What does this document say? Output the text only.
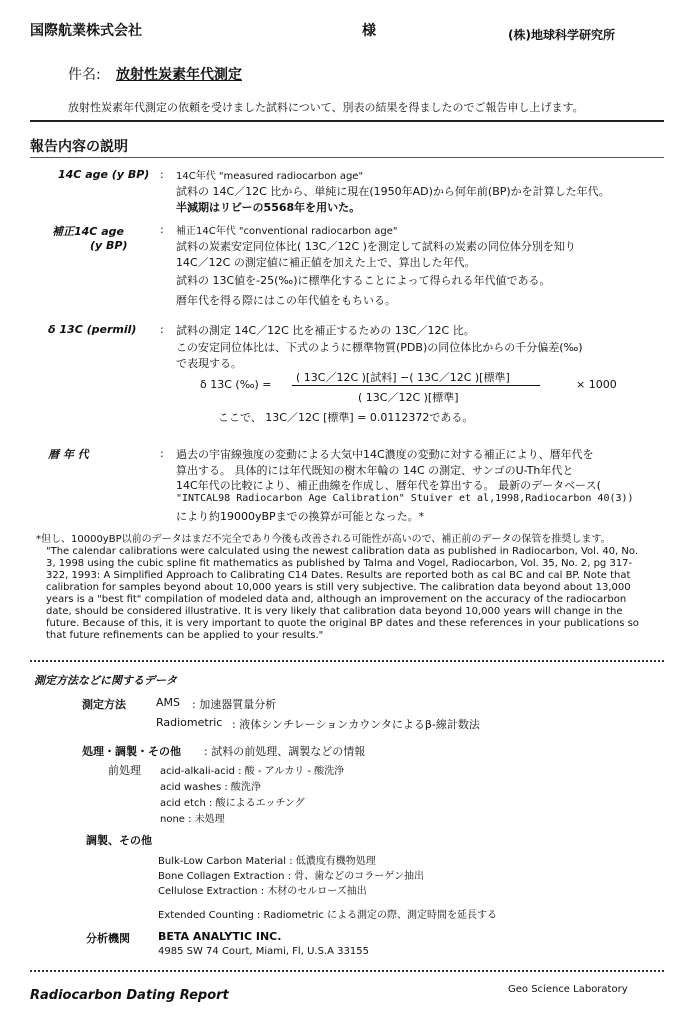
国際航業株式会社	様	(株)地球科学研究所
件名: 放射性炭素年代測定
放射性炭素年代測定の依頼を受けました試料について、別表の結果を得ましたのでご報告申し上げます。
報告内容の説明
14C age (y BP) : 14C年代 "measured radiocarbon age"
試料の 14C／12C 比から、単純に現在(1950年AD)から何年前(BP)かを計算した年代。
半減期はリビーの5568年を用いた。
補正14C age
(y BP)
: 補正14C年代 "conventional radiocarbon age"
試料の炭素安定同位体比( 13C／12C )を測定して試料の炭素の同位体分別を知り
14C／12C の測定値に補正値を加えた上で、算出した年代。
試料の 13C値を-25(‰)に標準化することによって得られる年代値である。
暦年代を得る際にはこの年代値をもちいる。
δ 13C (permil) : 試料の測定 14C／12C 比を補正するための 13C／12C 比。
この安定同位体比は、下式のように標準物質(PDB)の同位体比からの千分偏差(‰)
で表現する。
δ 13C (‰) =
( 13C／12C )[試料] −( 13C／12C )[標準]
( 13C／12C )[標準]
× 1000
ここで、 13C／12C [標準] = 0.0112372である。
暦 年 代	: 過去の宇宙線強度の変動による大気中14C濃度の変動に対する補正により、暦年代を
算出する。 具体的には年代既知の樹木年輪の 14C の測定、サンゴのU-Th年代と
14C年代の比較により、補正曲線を作成し、暦年代を算出する。 最新のデータベース(
"INTCAL98 Radiocarbon Age Calibration" Stuiver et al,1998,Radiocarbon 40(3))
により約19000yBPまでの換算が可能となった。*
*但し、10000yBP以前のデータはまだ不完全であり今後も改善される可能性が高いので、補正前のデータの保管を推奨します。
"The calendar calibrations were calculated using the newest calibration data as published in Radiocarbon, Vol. 40, No. 3, 1998 using the cubic spline fit mathematics as published by Talma and Vogel, Radiocarbon, Vol. 35, No. 2, pg 317-322, 1993: A Simplified Approach to Calibrating C14 Dates. Results are reported both as cal BC and cal BP. Note that calibration for samples beyond about 10,000 years is still very subjective. The calibration data beyond about 13,000 years is a "best fit" compilation of modeled data and, although an improvement on the accuracy of the radiocarbon date, should be considered illustrative. It is very likely that calibration data beyond 10,000 years will change in the future. Because of this, it is very important to quote the original BP dates and these references in your publications so that future refinements can be applied to your results."
測定方法などに関するデータ
測定方法	AMS : 加速器質量分析
Radiometric : 液体シンチレーションカウンタによるβ-線計数法
処理・調製・その他 : 試料の前処理、調製などの情報
前処理 acid-alkali-acid : 酸 - アルカリ - 酸洗浄
acid washes : 酸洗浄
acid etch : 酸によるエッチング
none : 未処理
調製、その他
Bulk-Low Carbon Material : 低濃度有機物処理
Bone Collagen Extraction : 骨、歯などのコラーゲン抽出
Cellulose Extraction : 木材のセルローズ抽出
Extended Counting : Radiometric による測定の際、測定時間を延長する
分析機関	BETA ANALYTIC INC.
4985 SW 74 Court, Miami, Fl, U.S.A 33155
Radiocarbon Dating Report	Geo Science Laboratory
